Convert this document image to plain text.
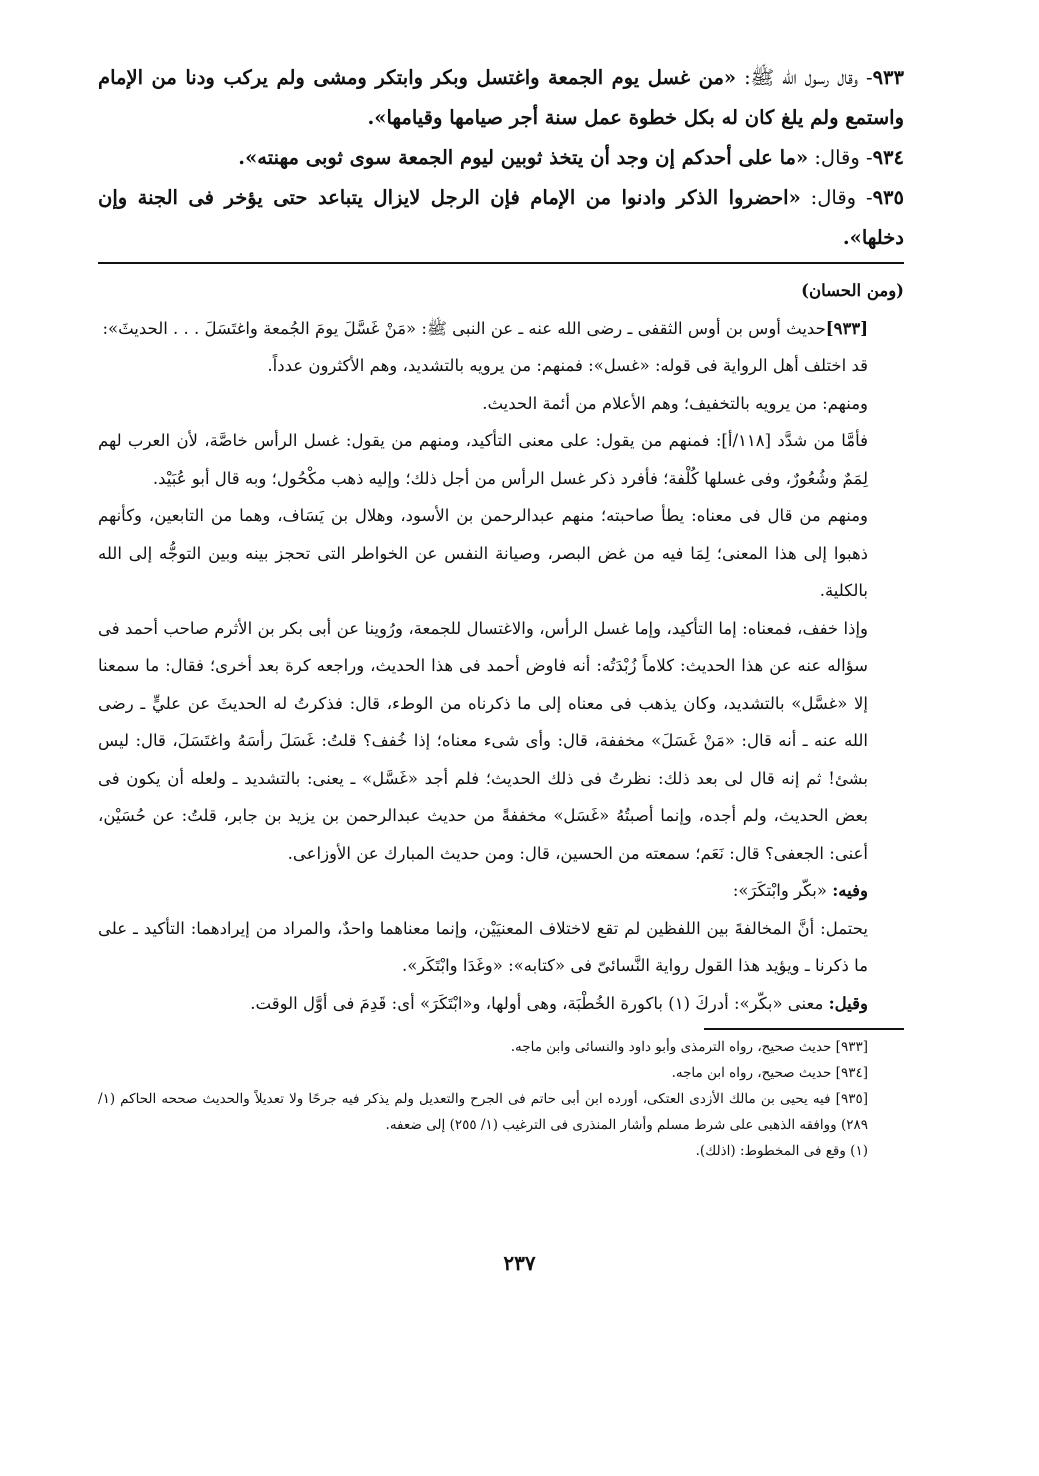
٩٣٣- وقال رسول الله ﷺ: «من غسل يوم الجمعة واغتسل وبكر وابتكر ومشى ولم يركب ودنا من الإمام واستمع ولم يلغ كان له بكل خطوة عمل سنة أجر صيامها وقيامها».

٩٣٤- وقال: «ما على أحدكم إن وجد أن يتخذ ثوبين ليوم الجمعة سوى ثوبى مهنته».

٩٣٥- وقال: «احضروا الذكر وادنوا من الإمام فإن الرجل لايزال يتباعد حتى يؤخر فى الجنة وإن دخلها».

(ومن الحسان)

[٩٣٣]حديث أوس بن أوس الثقفى ـ رضى الله عنه ـ عن النبى ﷺ: «مَنْ غَسَّلَ يومَ الجُمعة واغتَسَلَ . . . الحديثَ»:

قد اختلف أهل الرواية فى قوله: «غسل»: فمنهم: من يرويه بالتشديد، وهم الأكثرون عدداً.

ومنهم: من يرويه بالتخفيف؛ وهم الأعلام من أئمة الحديث.

فأمَّا من شدَّد [١١٨/أ]: فمنهم من يقول: على معنى التأكيد، ومنهم من يقول: غسل الرأس خاصَّة، لأن العرب لهم لِمَمٌ وشُعُورٌ، وفى غسلها كُلْفة؛ فأفرد ذكر غسل الرأس من أجل ذلك؛ وإليه ذهب مكْحُول؛ وبه قال أبو عُبَيْد.

ومنهم من قال فى معناه: يطأ صاحبته؛ منهم عبدالرحمن بن الأسود، وهلال بن يَسَاف، وهما من التابعين، وكأنهم ذهبوا إلى هذا المعنى؛ لِمَا فيه من غض البصر، وصيانة النفس عن الخواطر التى تحجز بينه وبين التوجُّه إلى الله بالكلية.

وإذا خفف، فمعناه: إما التأكيد، وإما غسل الرأس، والاغتسال للجمعة، ورُوينا عن أبى بكر بن الأثرم صاحب أحمد فى سؤاله عنه عن هذا الحديث: كلاماً زُبْدَتُه: أنه فاوض أحمد فى هذا الحديث، وراجعه كرة بعد أخرى؛ فقال: ما سمعنا إلا «غسَّل» بالتشديد، وكان يذهب فى معناه إلى ما ذكرناه من الوطء، قال: فذكرتُ له الحديثَ عن عليٍّ ـ رضى الله عنه ـ أنه قال: «مَنْ غَسَلَ» مخففة، قال: وأى شىء معناه؛ إذا خُفف؟ قلتُ: غَسَلَ رأسَهُ واغتَسَلَ، قال: ليس بشئ! ثم إنه قال لى بعد ذلك: نظرتُ فى ذلك الحديث؛ فلم أجد «غَسَّل» ـ يعنى: بالتشديد ـ ولعله أن يكون فى بعض الحديث، ولم أجده، وإنما أصبتُهُ «غَسَل» مخففةً من حديث عبدالرحمن بن يزيد بن جابر، قلتُ: عن حُسَيْن، أعنى: الجعفى؟ قال: نَعَم؛ سمعته من الحسين، قال: ومن حديث المبارك عن الأوزاعى.

وفيه: «بكّر وابْتكَرَ»:

يحتمل: أنَّ المخالفةَ بين اللفظين لم تقع لاختلاف المعنيَيْن، وإنما معناهما واحدٌ، والمراد من إيرادهما: التأكيد ـ على ما ذكرنا ـ ويؤيد هذا القول رواية النَّسائىّ فى «كتابه»: «وغَدَا وابْتَكَر».

وقيل: معنى «بكّر»: أدركَ (١) باكورة الخُطْبَة، وهى أولها، و«ابْتَكَرَ» أى: قَدِمَ فى أوَّل الوقت.

[٩٣٣] حديث صحيح، رواه الترمذى وأبو داود والنسائى وابن ماجه.

[٩٣٤] حديث صحيح، رواه ابن ماجه.

[٩٣٥] فيه يحيى بن مالك الأزدى العتكى، أورده ابن أبى حاتم فى الجرح والتعديل ولم يذكر فيه جرحًا ولا تعديلاً والحديث صححه الحاكم (١/ ٢٨٩) ووافقه الذهبى على شرط مسلم وأشار المنذرى فى الترغيب (١/ ٢٥٥) إلى ضعفه.

(١) وقع فى المخطوط: (اذلك).

٢٣٧
